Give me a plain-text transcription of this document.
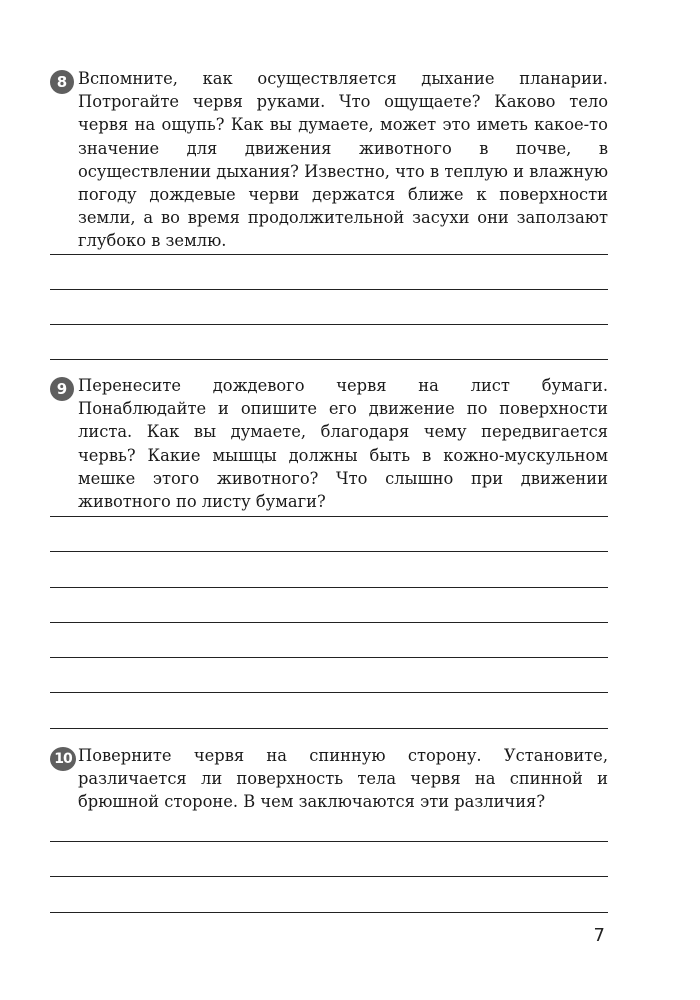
8 Вспомните, как осуществляется дыхание планарии. Потрогайте червя руками. Что ощущаете? Каково тело червя на ощупь? Как вы думаете, может это иметь какое-то значение для движения животного в почве, в осуществлении дыхания? Известно, что в теплую и влажную погоду дождевые черви держатся ближе к поверхности земли, а во время продолжительной засухи они заползают глубоко в землю.

9 Перенесите дождевого червя на лист бумаги. Понаблюдайте и опишите его движение по поверхности листа. Как вы думаете, благодаря чему передвигается червь? Какие мышцы должны быть в кожно-мускульном мешке этого животного? Что слышно при движении животного по листу бумаги?

10 Поверните червя на спинную сторону. Установите, различается ли поверхность тела червя на спинной и брюшной стороне. В чем заключаются эти различия?

7
